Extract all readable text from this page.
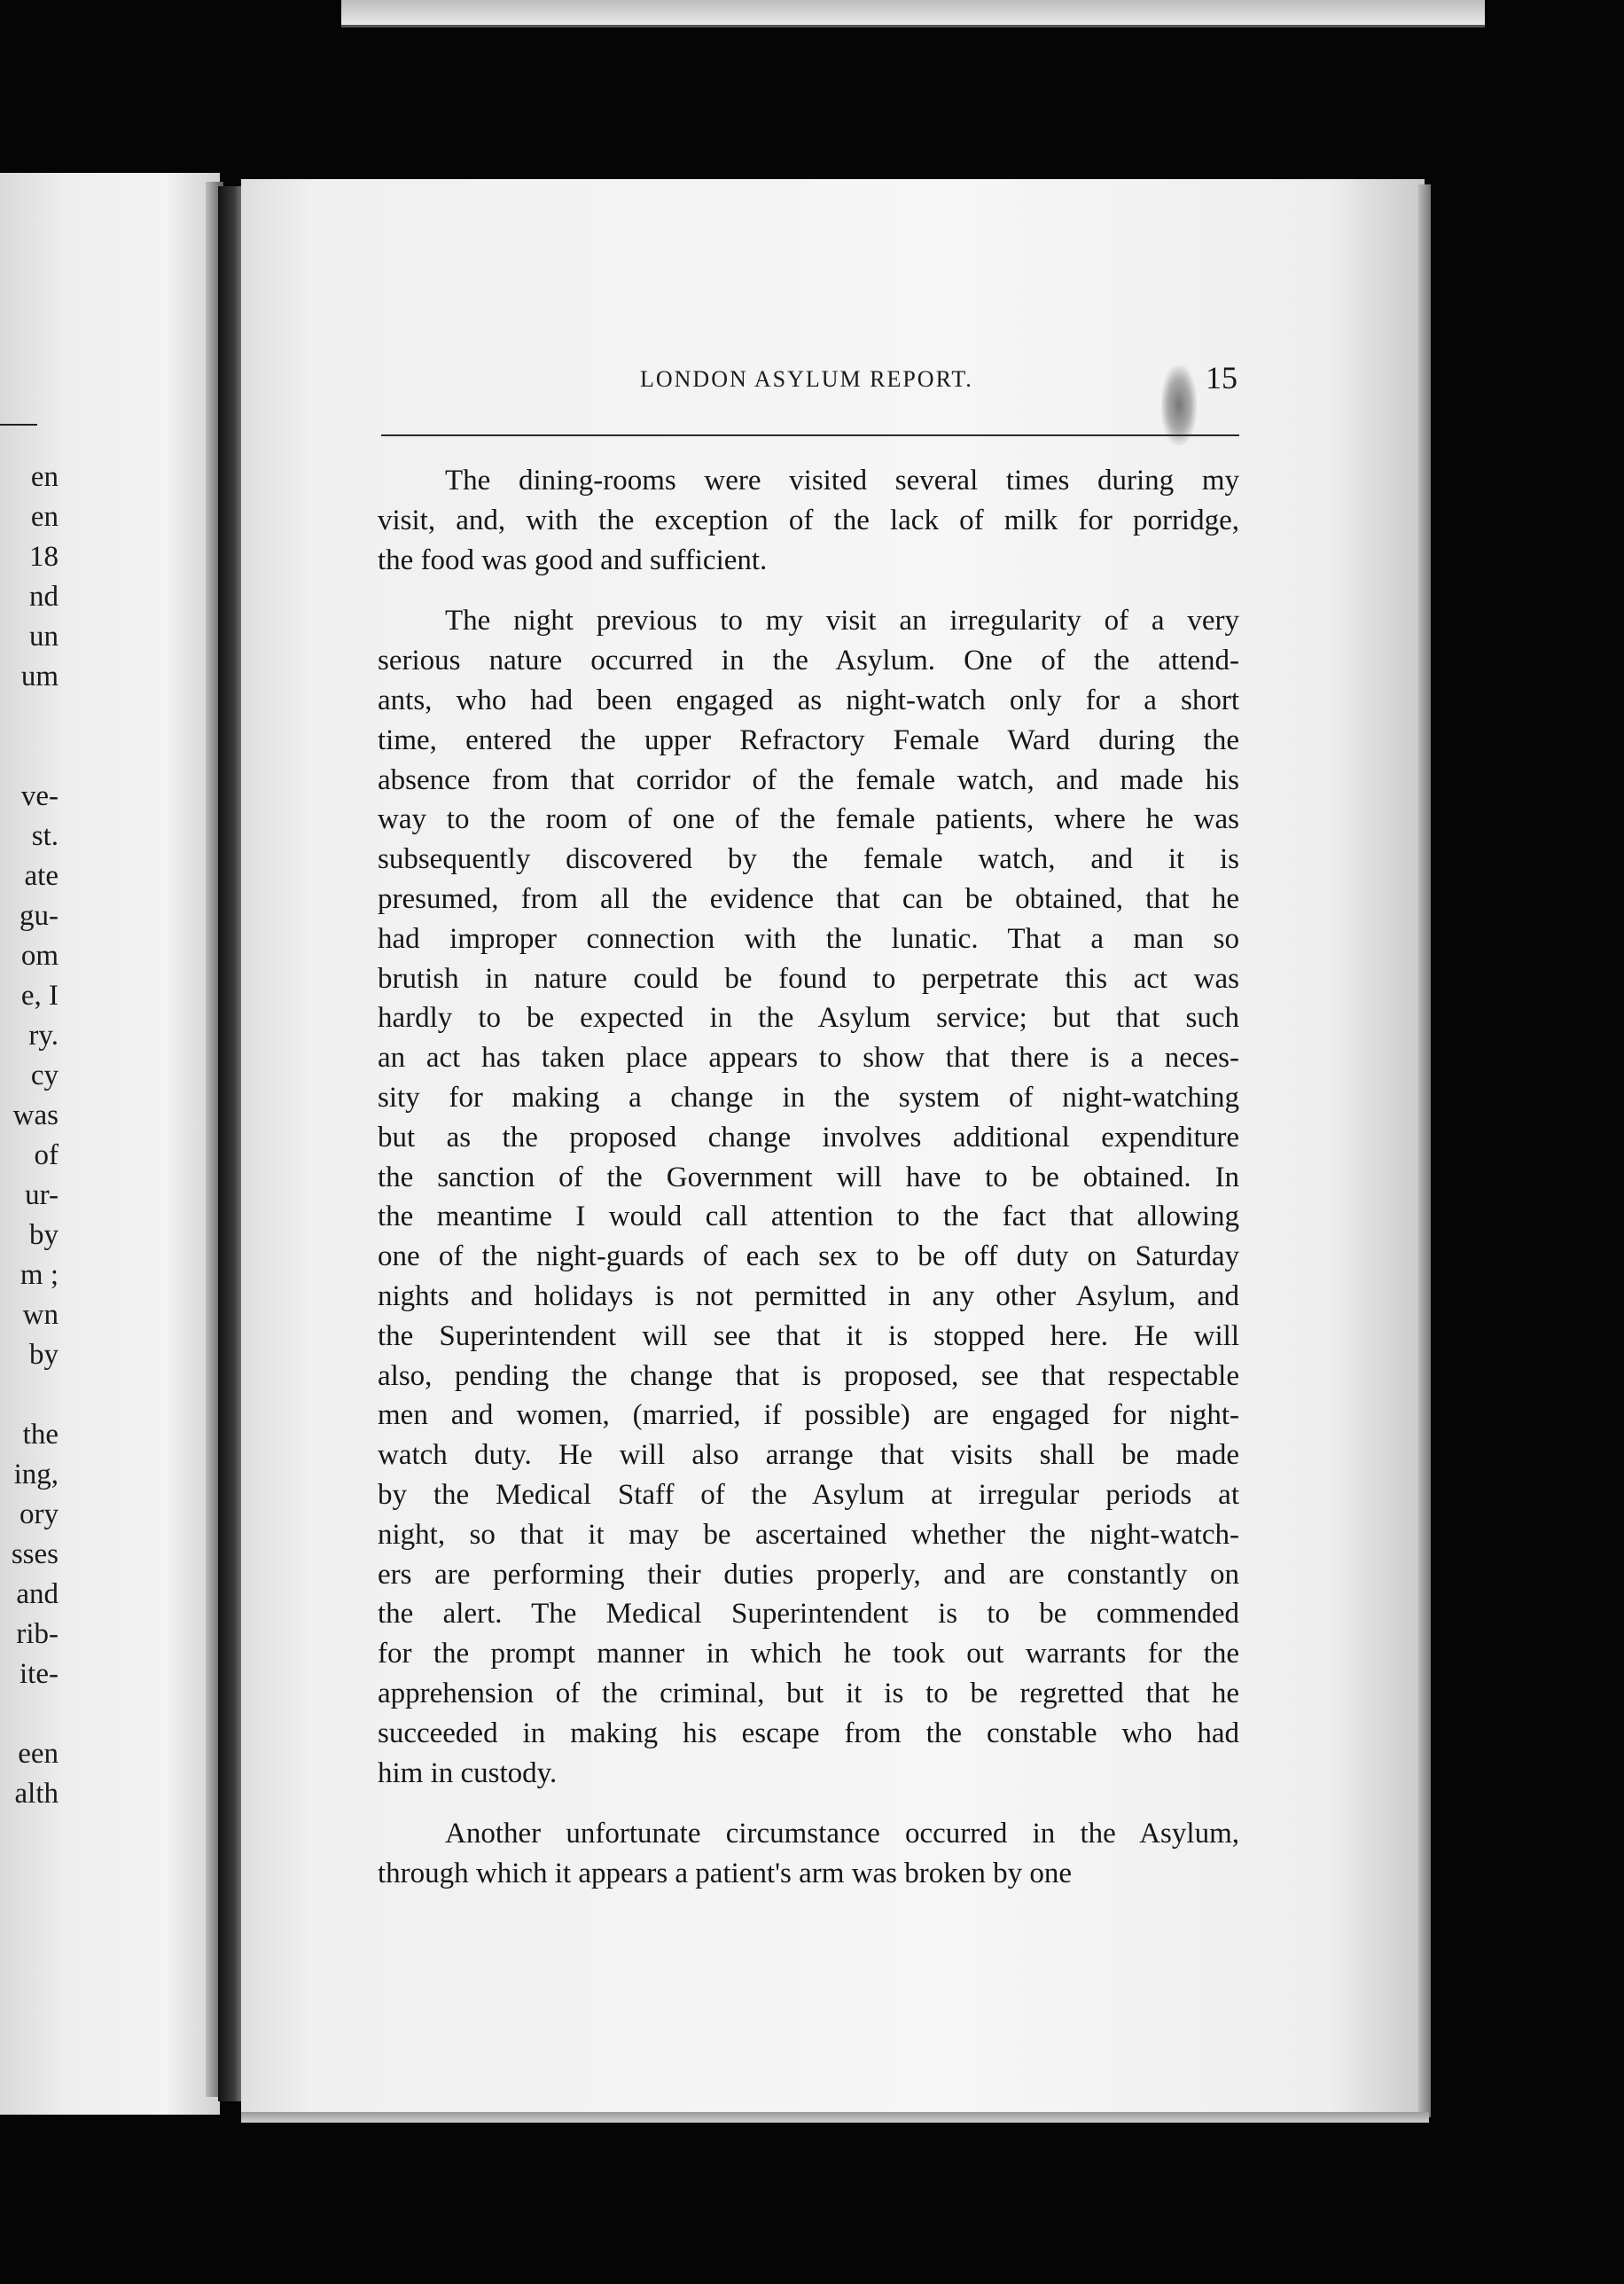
en
en
18
nd
un
um
ve-
st.
ate
gu-
om
e, I
ry.
cy
was
of
ur-
by
m ;
wn
by
the
ing,
ory
sses
and
rib-
ite-
een
alth
LONDON ASYLUM REPORT.	15
The dining-rooms were visited several times during my
visit, and, with the exception of the lack of milk for porridge,
the food was good and sufficient.
The night previous to my visit an irregularity of a very
serious nature occurred in the Asylum. One of the attend-
ants, who had been engaged as night-watch only for a short
time, entered the upper Refractory Female Ward during the
absence from that corridor of the female watch, and made his
way to the room of one of the female patients, where he was
subsequently discovered by the female watch, and it is
presumed, from all the evidence that can be obtained, that he
had improper connection with the lunatic. That a man so
brutish in nature could be found to perpetrate this act was
hardly to be expected in the Asylum service; but that such
an act has taken place appears to show that there is a neces-
sity for making a change in the system of night-watching
but as the proposed change involves additional expenditure
the sanction of the Government will have to be obtained. In
the meantime I would call attention to the fact that allowing
one of the night-guards of each sex to be off duty on Saturday
nights and holidays is not permitted in any other Asylum, and
the Superintendent will see that it is stopped here. He will
also, pending the change that is proposed, see that respectable
men and women, (married, if possible) are engaged for night-
watch duty. He will also arrange that visits shall be made
by the Medical Staff of the Asylum at irregular periods at
night, so that it may be ascertained whether the night-watch-
ers are performing their duties properly, and are constantly on
the alert. The Medical Superintendent is to be commended
for the prompt manner in which he took out warrants for the
apprehension of the criminal, but it is to be regretted that he
succeeded in making his escape from the constable who had
him in custody.
Another unfortunate circumstance occurred in the Asylum,
through which it appears a patient's arm was broken by one
